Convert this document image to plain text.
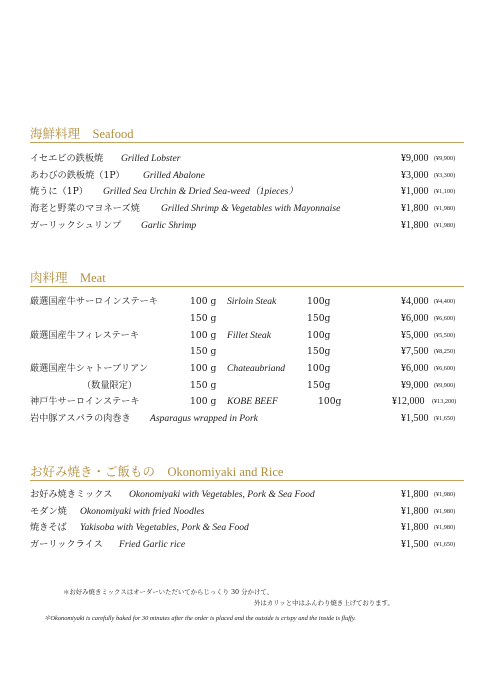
海鮮料理　Seafood
イセエビの鉄板焼 Grilled Lobster	¥9,000 (¥9,900)
あわびの鉄板焼（1P） Grilled Abalone	¥3,000 (¥3,300)
焼うに（1P） Grilled Sea Urchin & Dried Sea-weed（1pieces）	¥1,000 (¥1,100)
海老と野菜のマヨネーズ焼 Grilled Shrimp & Vegetables with Mayonnaise	¥1,800 (¥1,980)
ガーリックシュリンプ Garlic Shrimp	¥1,800 (¥1,980)
肉料理　Meat
厳選国産牛サーロインステーキ	100 g Sirloin Steak	100g	¥4,000 (¥4,400)
150 g	150g	¥6,000 (¥6,600)
厳選国産牛フィレステーキ	100 g Fillet Steak	100g	¥5,000 (¥5,500)
150 g	150g	¥7,500 (¥8,250)
厳選国産牛シャトーブリアン	100 g Chateaubriand 100g	¥6,000 (¥6,600)
（数量限定）	150 g	150g	¥9,000 (¥9,900)
神戸牛サーロインステーキ	100 g KOBE BEEF	100g	¥12,000 (¥13,200)
岩中豚アスパラの肉巻き Asparagus wrapped in Pork	¥1,500 (¥1,650)
お好み焼き・ご飯もの　Okonomiyaki and Rice
お好み焼きミックス Okonomiyaki with Vegetables, Pork & Sea Food	¥1,800 (¥1,980)
モダン焼 Okonomiyaki with fried Noodles	¥1,800 (¥1,980)
焼きそば Yakisoba with Vegetables, Pork & Sea Food	¥1,800 (¥1,980)
ガーリックライス Fried Garlic rice	¥1,500 (¥1,650)
＊お好み焼きミックスはオーダーいただいてからじっくり 30 分かけて、
外はカリッと中はふんわり焼き上げております。
＊Okonomiyaki is carefully baked for 30 minutes after the order is placed and the outside is crispy and the inside is fluffy.
